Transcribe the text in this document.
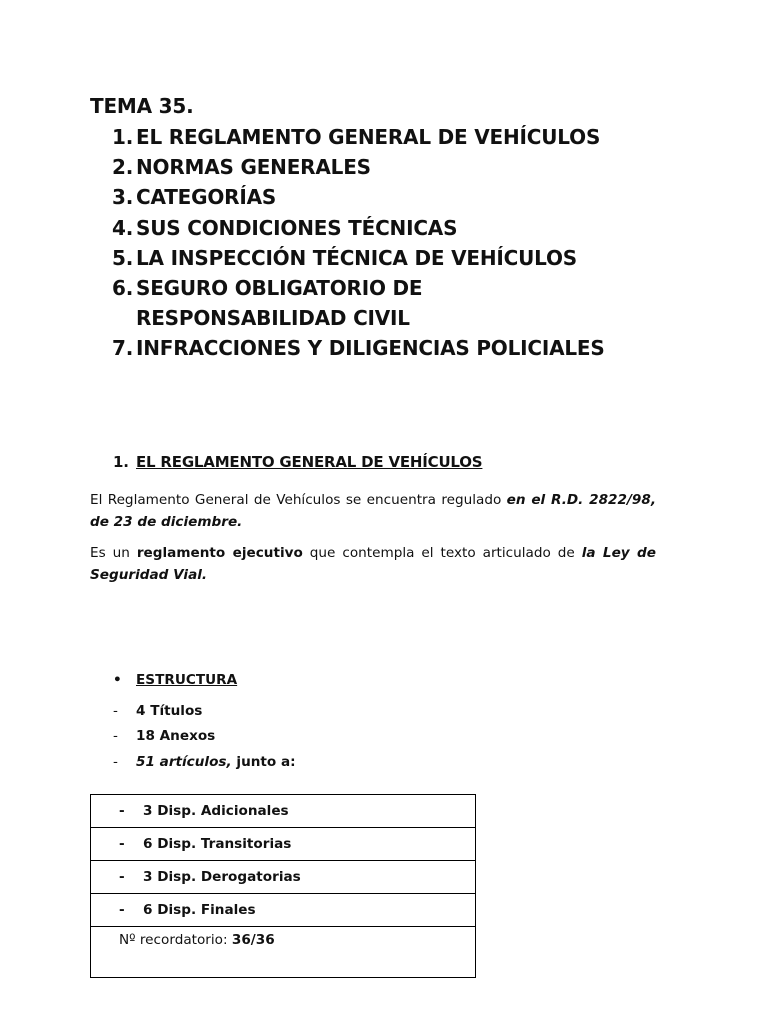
TEMA 35.
1. EL REGLAMENTO GENERAL DE VEHÍCULOS
2. NORMAS GENERALES
3. CATEGORÍAS
4. SUS CONDICIONES TÉCNICAS
5. LA INSPECCIÓN TÉCNICA DE VEHÍCULOS
6. SEGURO OBLIGATORIO DE RESPONSABILIDAD CIVIL
7. INFRACCIONES Y DILIGENCIAS POLICIALES
1. EL REGLAMENTO GENERAL DE VEHÍCULOS
El Reglamento General de Vehículos se encuentra regulado en el R.D. 2822/98, de 23 de diciembre.
Es un reglamento ejecutivo que contempla el texto articulado de la Ley de Seguridad Vial.
• ESTRUCTURA
- 4 Títulos
- 18 Anexos
- 51 artículos, junto a:
-	3 Disp. Adicionales
-	6 Disp. Transitorias
-	3 Disp. Derogatorias
-	6 Disp. Finales
Nº recordatorio: 36/36
